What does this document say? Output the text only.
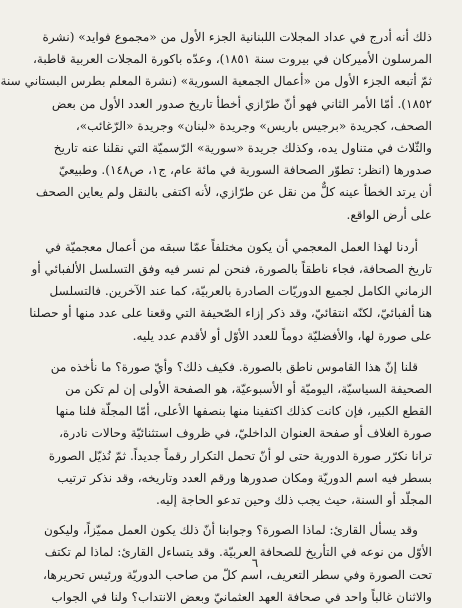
ذلك أنه أدرج في عداد المجلات اللبنانية الجزء الأول من «مجموع فوايد» (نشرة
المرسلون الأميركان في بيروت سنة ١٨٥١)، وعدّه باكورة المجلات العربية قاطبة،
ثمّ أتبعه الجزء الأول من «أعمال الجمعية السورية» (نشرة المعلم بطرس البستاني سنة
١٨٥٢). أمّا الأمر الثاني فهو أنّ طرّازي أخطأ تاريخ صدور العدد الأول من بعض
الصحف، كجريدة «برجيس باريس» وجريدة «لبنان» وجريدة «الرّغائب»،
والثّلاث في متناول يده، وكذلك جريدة «سورية» الرّسميّة التي نقلنا عنه تاريخ
صدورها (انظر: تطوّر الصحافة السورية في مائة عام، ج١، ص١٤٨). وطبيعيّ
أن يرتد الخطأ عينه كلٌّ من نقل عن طرّازي، لأنه اكتفى بالنقل ولم يعاين الصحف
على أرض الواقع.

أردنا لهذا العمل المعجمي أن يكون مختلفاً عمّا سبقه من أعمال معجميّة في
تاريخ الصحافة، فجاء ناطقاً بالصورة، فنحن لم نسر فيه وفق التسلسل الألفبائي أو
الزماني الكامل لجميع الدوريّات الصادرة بالعربيّة، كما عند الآخرين. فالتسلسل
هنا ألفبائيّ، لكنّه انتقائيّ، وقد ذكر إزاء الصّحيفة التي وقعنا على عدد منها أو حصلنا
على صورة لها، والأفضليّة دوماً للعدد الأوّل أو لأقدم عدد يليه.

قلنا إنّ هذا القاموس ناطق بالصورة. فكيف ذلك؟ وأيّ صورة؟ ما نأخذه من
الصحيفة السياسيّة، اليوميّة أو الأسبوعيّة، هو الصفحة الأولى إن لم تكن من
القطع الكبير، فإن كانت كذلك اكتفينا منها بنصفها الأعلى، أمّا المجلّة فلنا منها
صورة الغلاف أو صفحة العنوان الداخليّ، في ظروف استثنائيّة وحالات نادرة،
ترانا نكرّر صورة الدورية حتى لو أنّ تحمل التكرار رقماً جديداً. ثمّ نُذيّل الصورة
بسطر فيه اسم الدوريّة ومكان صدورها ورقم العدد وتاريخه، وقد نذكر ترتيب
المجلّد أو السنة، حيث يجب ذلك وحين تدعو الحاجة إليه.

وقد يسأل القارئ: لماذا الصورة؟ وجوابنا أنّ ذلك يكون العمل مميّزاً، وليكون
الأوّل من نوعه في التأريخ للصحافة العربيّة. وقد يتساءل القارئ: لماذا لم تكتف
تحت الصورة وفي سطر التعريف، اسم كلّ من صاحب الدوريّة ورئيس تحريرها،
والاثنان غالباً واحد في صحافة العهد العثمانيّ وبعض الانتداب؟ ولنا في الجواب

٦
